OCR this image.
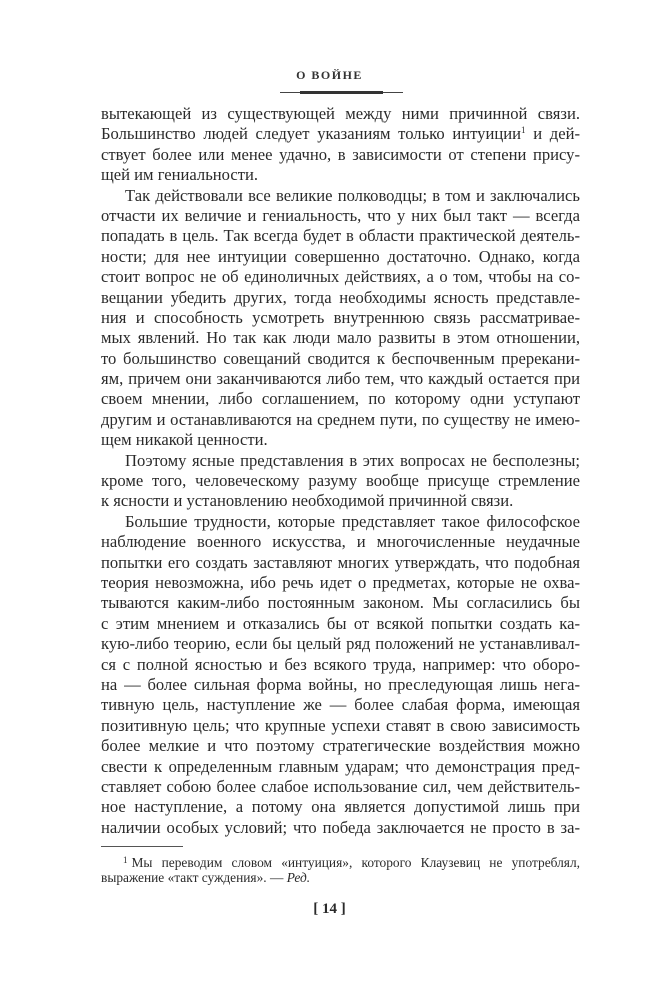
О ВОЙНЕ
вытекающей из существующей между ними причинной связи.
Большинство людей следует указаниям только интуиции$^1$ и дей-
ствует более или менее удачно, в зависимости от степени прису-
щей им гениальности.
Так действовали все великие полководцы; в том и заключались
отчасти их величие и гениальность, что у них был такт — всегда
попадать в цель. Так всегда будет в области практической деятель-
ности; для нее интуиции совершенно достаточно. Однако, когда
стоит вопрос не об единоличных действиях, а о том, чтобы на со-
вещании убедить других, тогда необходимы ясность представле-
ния и способность усмотреть внутреннюю связь рассматривае-
мых явлений. Но так как люди мало развиты в этом отношении,
то большинство совещаний сводится к беспочвенным пререкани-
ям, причем они заканчиваются либо тем, что каждый остается при
своем мнении, либо соглашением, по которому одни уступают
другим и останавливаются на среднем пути, по существу не имею-
щем никакой ценности.
Поэтому ясные представления в этих вопросах не бесполезны;
кроме того, человеческому разуму вообще присуще стремление
к ясности и установлению необходимой причинной связи.
Большие трудности, которые представляет такое философское
наблюдение военного искусства, и многочисленные неудачные
попытки его создать заставляют многих утверждать, что подобная
теория невозможна, ибо речь идет о предметах, которые не охва-
тываются каким-либо постоянным законом. Мы согласились бы
с этим мнением и отказались бы от всякой попытки создать ка-
кую-либо теорию, если бы целый ряд положений не устанавливал-
ся с полной ясностью и без всякого труда, например: что оборо-
на — более сильная форма войны, но преследующая лишь нега-
тивную цель, наступление же — более слабая форма, имеющая
позитивную цель; что крупные успехи ставят в свою зависимость
более мелкие и что поэтому стратегические воздействия можно
свести к определенным главным ударам; что демонстрация пред-
ставляет собою более слабое использование сил, чем действитель-
ное наступление, а потому она является допустимой лишь при
наличии особых условий; что победа заключается не просто в за-
$^1$ Мы переводим словом «интуиция», которого Клаузевиц не употреблял,
выражение «такт суждения». — Ред.
[ 14 ]
